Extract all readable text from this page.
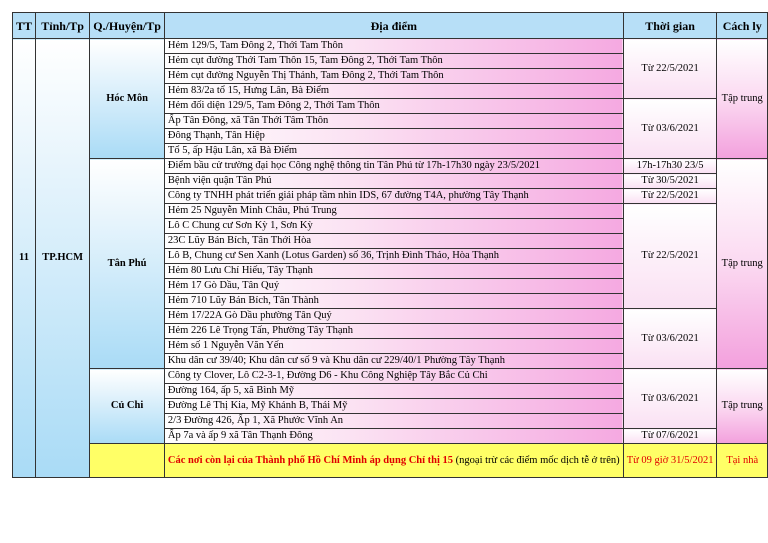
TT	Tỉnh/Tp	Q./Huyện/Tp	Địa điểm	Thời gian	Cách ly
11	TP.HCM	Hóc Môn	Hẻm 129/5, Tam Đông 2, Thới Tam Thôn	Từ 22/5/2021	Tập trung
			Hẻm cụt đường Thới Tam Thôn 15, Tam Đông 2, Thới Tam Thôn		
			Hẻm cụt đường Nguyễn Thị Thảnh, Tam Đông 2, Thới Tam Thôn		
			Hẻm 83/2a tổ 15, Hưng Lân, Bà Điểm		
			Hẻm đối diện 129/5, Tam Đông 2, Thới Tam Thôn	Từ 03/6/2021	
			Ấp Tân Đông, xã Tân Thới Tâm Thôn		
			Đông Thạnh, Tân Hiệp		
			Tổ 5, ấp Hậu Lân, xã Bà Điểm		
		Tân Phú	Điểm bầu cử trường đại học Công nghệ thông tin Tân Phú từ 17h-17h30 ngày 23/5/2021	17h-17h30 23/5	Tập trung
			Bệnh viện quận Tân Phú	Từ 30/5/2021	
			Công ty TNHH phát triển giải pháp tầm nhìn IDS, 67 đường T4A, phường Tây Thạnh	Từ 22/5/2021	
			Hẻm 25 Nguyễn Minh Châu, Phú Trung	Từ 22/5/2021	
			Lô C Chung cư Sơn Kỳ 1, Sơn Kỳ		
			23C Lũy Bán Bích, Tân Thới Hòa		
			Lô B, Chung cư Sen Xanh (Lotus Garden) số 36, Trịnh Đình Thảo, Hòa Thạnh		
			Hẻm 80 Lưu Chí Hiếu, Tây Thạnh		
			Hẻm 17 Gò Dầu, Tân Quý		
			Hẻm 710 Lũy Bán Bích, Tân Thành		
			Hẻm 17/22A Gò Dầu phường Tân Quý	Từ 03/6/2021	
			Hẻm 226 Lê Trọng Tấn, Phường Tây Thạnh		
			Hẻm số 1 Nguyễn Văn Yến		
			Khu dân cư 39/40; Khu dân cư số 9 và Khu dân cư 229/40/1 Phường Tây Thạnh		
		Củ Chi	Công ty Clover, Lô C2-3-1, Đường D6 - Khu Công Nghiệp Tây Bắc Củ Chi	Từ 03/6/2021	Tập trung
			Đường 164, ấp 5, xã Bình Mỹ		
			Đường Lê Thị Kia, Mỹ Khánh B, Thái Mỹ		
			2/3 Đường 426, Ấp 1, Xã Phước Vĩnh An		
			Ấp 7a và ấp 9 xã Tân Thạnh Đông	Từ 07/6/2021	
			Các nơi còn lại của Thành phố Hồ Chí Minh áp dụng Chỉ thị 15 (ngoại trừ các điểm mốc dịch tễ ở trên)	Từ 09 giờ 31/5/2021	Tại nhà
